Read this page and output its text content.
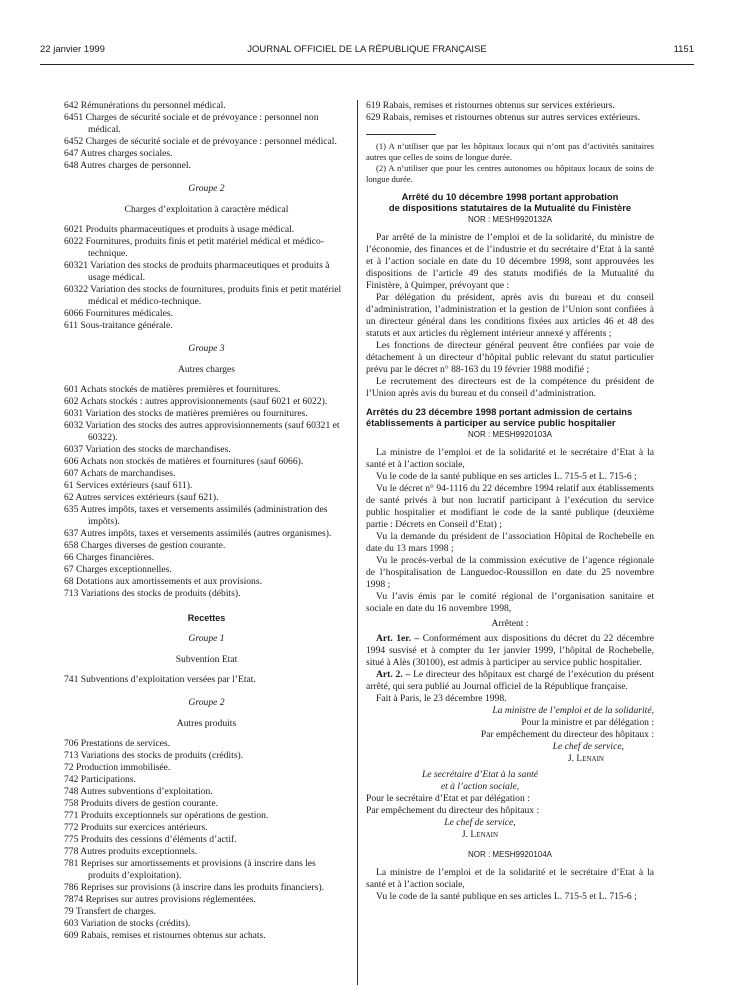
22 janvier 1999	JOURNAL OFFICIEL DE LA RÉPUBLIQUE FRANÇAISE	1151
642 Rémunérations du personnel médical.
6451 Charges de sécurité sociale et de prévoyance : personnel non médical.
6452 Charges de sécurité sociale et de prévoyance : personnel médical.
647 Autres charges sociales.
648 Autres charges de personnel.
Groupe 2
Charges d’exploitation à caractère médical
6021 Produits pharmaceutiques et produits à usage médical.
6022 Fournitures, produits finis et petit matériel médical et médico-technique.
60321 Variation des stocks de produits pharmaceutiques et produits à usage médical.
60322 Variation des stocks de fournitures, produits finis et petit matériel médical et médico-technique.
6066 Fournitures médicales.
611 Sous-traitance générale.
Groupe 3
Autres charges
601 Achats stockés de matières premières et fournitures.
602 Achats stockés : autres approvisionnements (sauf 6021 et 6022).
6031 Variation des stocks de matières premières ou fournitures.
6032 Variation des stocks des autres approvisionnements (sauf 60321 et 60322).
6037 Variation des stocks de marchandises.
606 Achats non stockés de matières et fournitures (sauf 6066).
607 Achats de marchandises.
61 Services extérieurs (sauf 611).
62 Autres services extérieurs (sauf 621).
635 Autres impôts, taxes et versements assimilés (administration des impôts).
637 Autres impôts, taxes et versements assimilés (autres organismes).
658 Charges diverses de gestion courante.
66 Charges financières.
67 Charges exceptionnelles.
68 Dotations aux amortissements et aux provisions.
713 Variations des stocks de produits (débits).
Recettes
Groupe 1
Subvention Etat
741 Subventions d’exploitation versées par l’Etat.
Groupe 2
Autres produits
706 Prestations de services.
713 Variations des stocks de produits (crédits).
72 Production immobilisée.
742 Participations.
748 Autres subventions d’exploitation.
758 Produits divers de gestion courante.
771 Produits exceptionnels sur opérations de gestion.
772 Produits sur exercices antérieurs.
775 Produits des cessions d’éléments d’actif.
778 Autres produits exceptionnels.
781 Reprises sur amortissements et provisions (à inscrire dans les produits d’exploitation).
786 Reprises sur provisions (à inscrire dans les produits financiers).
7874 Reprises sur autres provisions réglementées.
79 Transfert de charges.
603 Variation de stocks (crédits).
609 Rabais, remises et ristournes obtenus sur achats.
619 Rabais, remises et ristournes obtenus sur services extérieurs.
629 Rabais, remises et ristournes obtenus sur autres services extérieurs.

(1) A n’utiliser que par les hôpitaux locaux qui n’ont pas d’activités sanitaires autres que celles de soins de longue durée.

(2) A n’utiliser que pour les centres autonomes ou hôpitaux locaux de soins de longue durée.

Arrêté du 10 décembre 1998 portant approbation
de dispositions statutaires de la Mutualité du Finistère
NOR : MESH9920132A

Par arrêté de la ministre de l’emploi et de la solidarité, du ministre de l’économie, des finances et de l’industrie et du secrétaire d’Etat à la santé et à l’action sociale en date du 10 décembre 1998, sont approuvées les dispositions de l’article 49 des statuts modifiés de la Mutualité du Finistère, à Quimper, prévoyant que :

Par délégation du président, après avis du bureau et du conseil d’administration, l’administration et la gestion de l’Union sont confiées à un directeur général dans les conditions fixées aux articles 46 et 48 des statuts et aux articles du règlement intérieur annexé y afférents ;

Les fonctions de directeur général peuvent être confiées par voie de détachement à un directeur d’hôpital public relevant du statut particulier prévu par le décret n° 88-163 du 19 février 1988 modifié ;

Le recrutement des directeurs est de la compétence du président de l’Union après avis du bureau et du conseil d’administration.

Arrêtés du 23 décembre 1998 portant admission de certains établissements à participer au service public hospitalier
NOR : MESH9920103A

La ministre de l’emploi et de la solidarité et le secrétaire d’Etat à la santé et à l’action sociale,

Vu le code de la santé publique en ses articles L. 715-5 et L. 715-6 ;

Vu le décret n° 94-1116 du 22 décembre 1994 relatif aux établissements de santé privés à but non lucratif participant à l’exécution du service public hospitalier et modifiant le code de la santé publique (deuxième partie : Décrets en Conseil d’Etat) ;

Vu la demande du président de l’association Hôpital de Rochebelle en date du 13 mars 1998 ;

Vu le procès-verbal de la commission exécutive de l’agence régionale de l’hospitalisation de Languedoc-Roussillon en date du 25 novembre 1998 ;

Vu l’avis émis par le comité régional de l’organisation sanitaire et sociale en date du 16 novembre 1998,

Arrêtent :

Art. 1er. – Conformément aux dispositions du décret du 22 décembre 1994 susvisé et à compter du 1er janvier 1999, l’hôpital de Rochebelle, situé à Alès (30100), est admis à participer au service public hospitalier.

Art. 2. – Le directeur des hôpitaux est chargé de l’exécution du présent arrêté, qui sera publié au Journal officiel de la République française.

Fait à Paris, le 23 décembre 1998.

La ministre de l’emploi et de la solidarité,

Pour la ministre et par délégation :

Par empêchement du directeur des hôpitaux :

Le chef de service,

J. Lenain

Le secrétaire d’Etat à la santé

et à l’action sociale,

Pour le secrétaire d’Etat et par délégation :

Par empêchement du directeur des hôpitaux :

Le chef de service,

J. Lenain

NOR : MESH9920104A

La ministre de l’emploi et de la solidarité et le secrétaire d’Etat à la santé et à l’action sociale,

Vu le code de la santé publique en ses articles L. 715-5 et L. 715-6 ;
